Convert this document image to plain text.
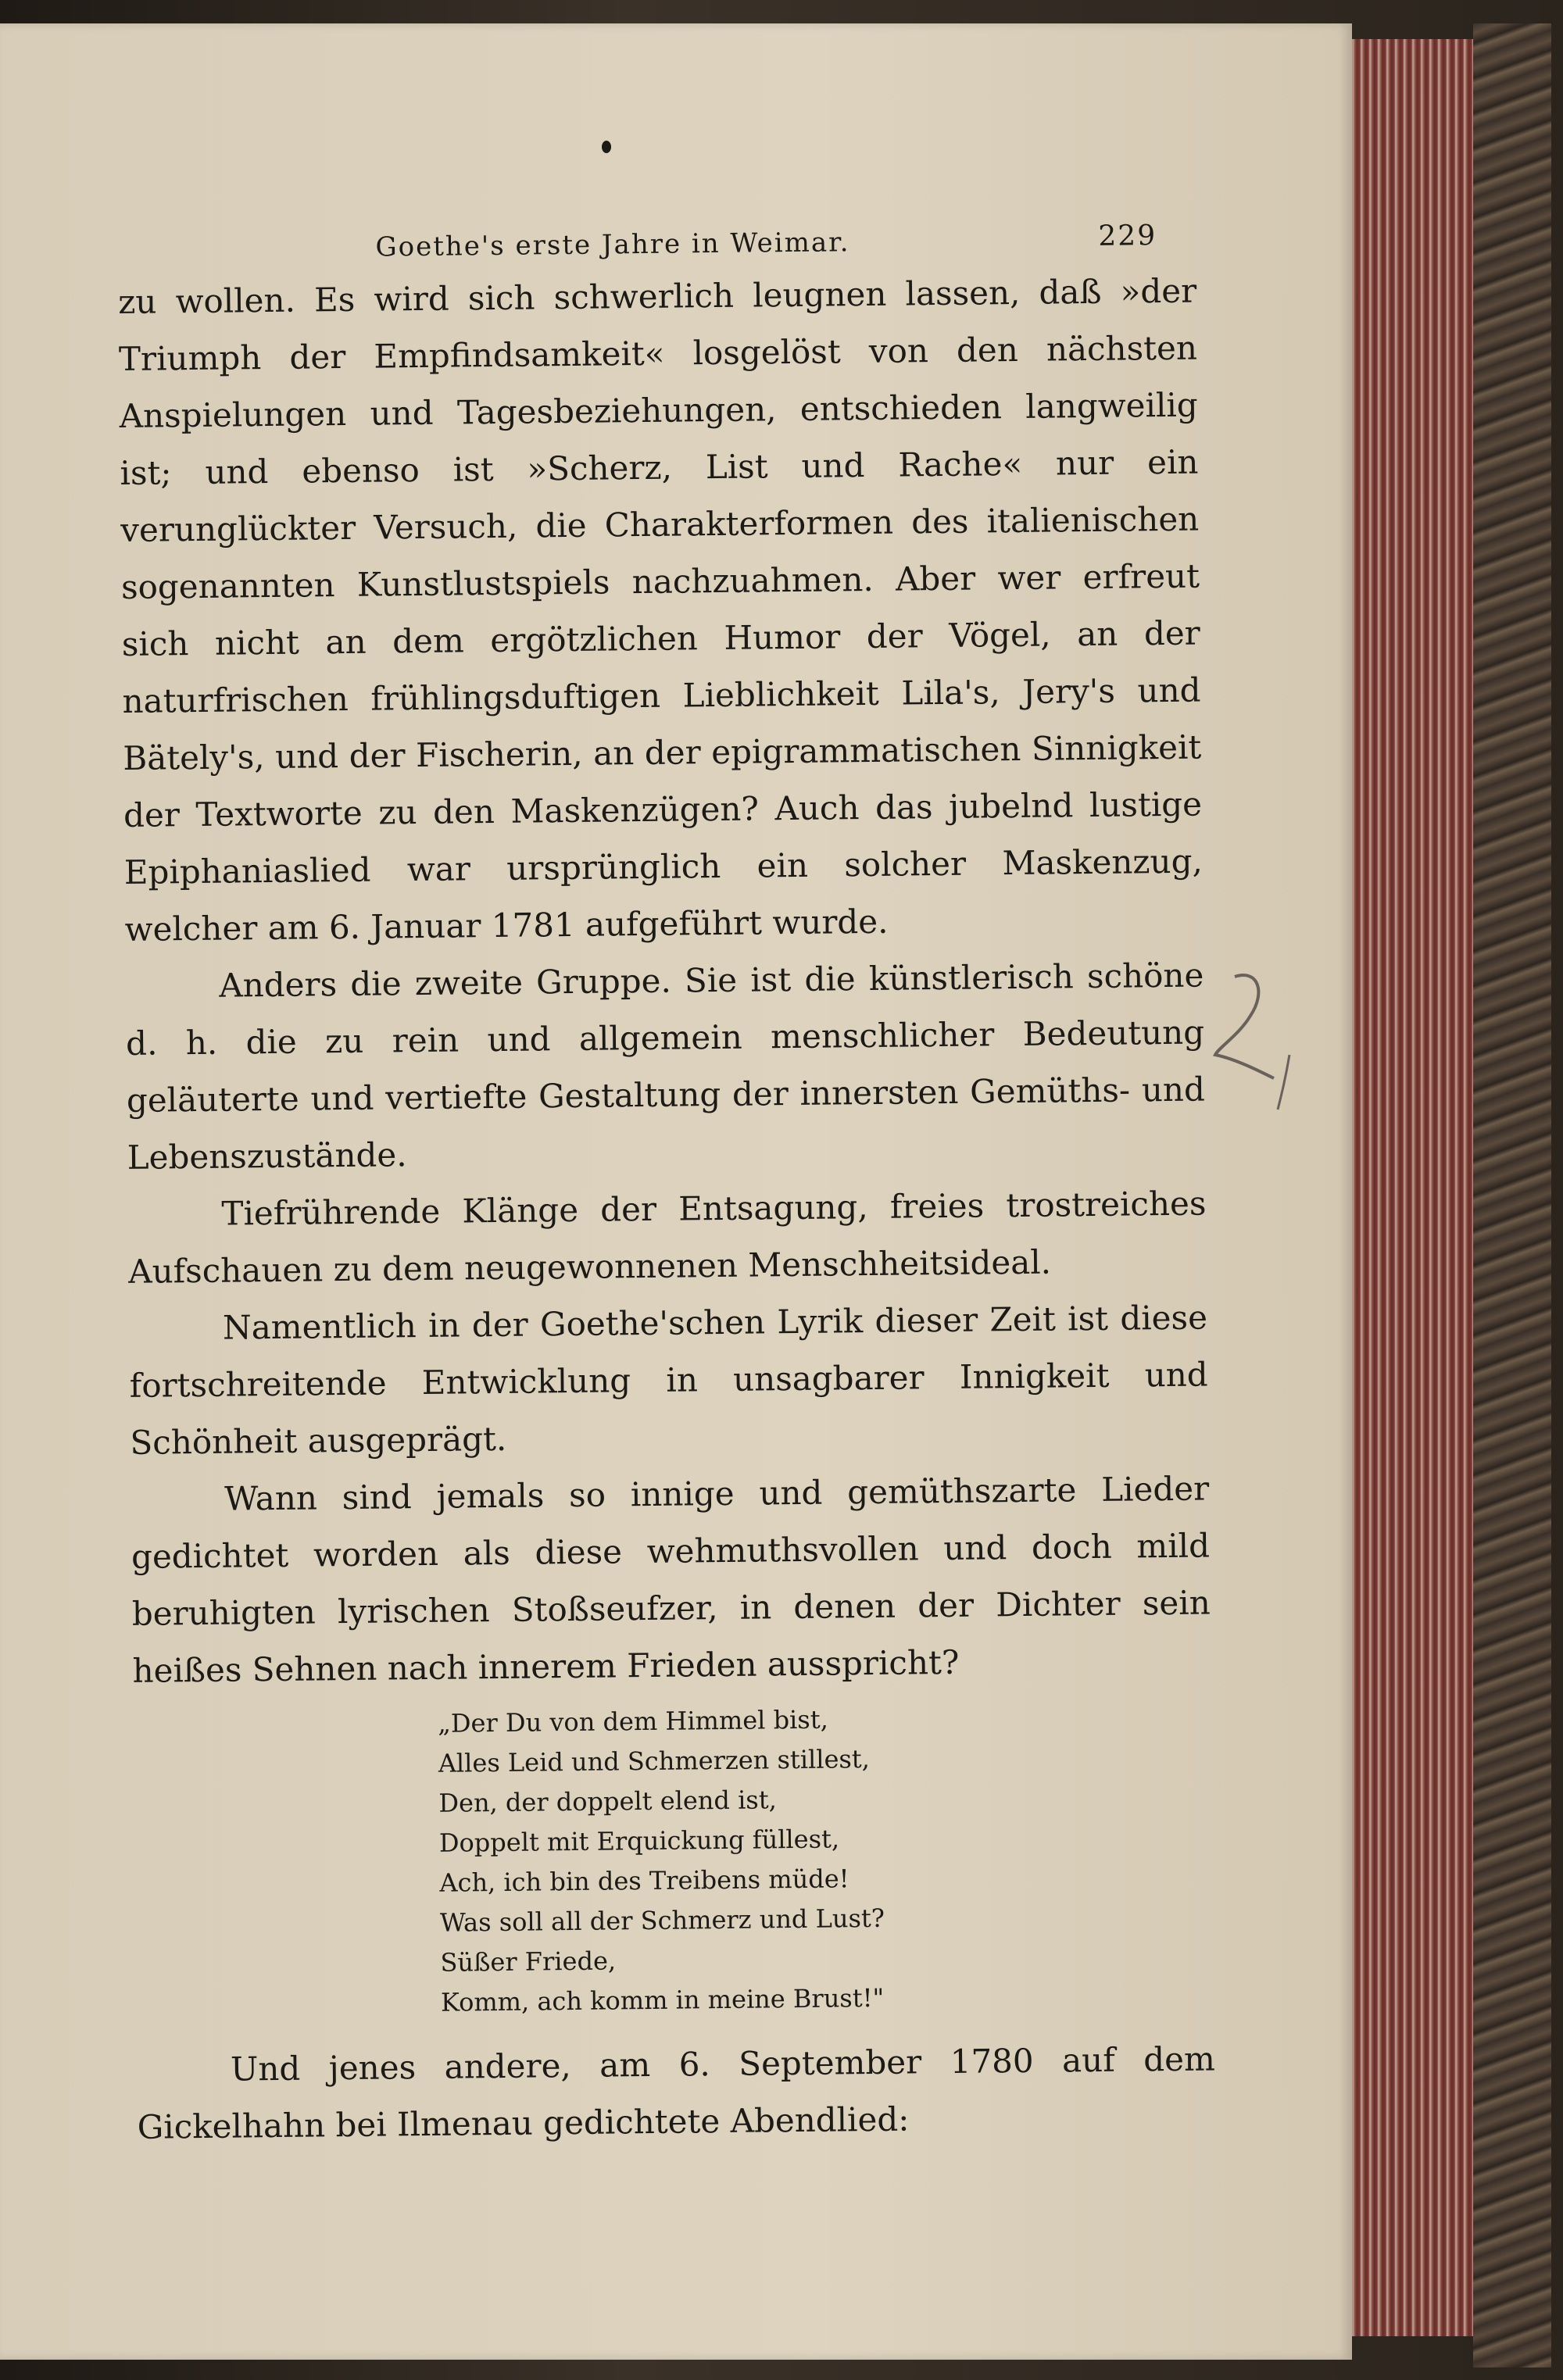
Goethe's erste Jahre in Weimar.	229

zu wollen. Es wird sich schwerlich leugnen lassen, daß »der Triumph der Empfindsamkeit« losgelöst von den nächsten Anspielungen und Tagesbeziehungen, entschieden langweilig ist; und ebenso ist »Scherz, List und Rache« nur ein verunglückter Versuch, die Charakterformen des italienischen sogenannten Kunstlustspiels nachzuahmen. Aber wer erfreut sich nicht an dem ergötzlichen Humor der Vögel, an der naturfrischen frühlingsduftigen Lieblichkeit Lila's, Jery's und Bätely's, und der Fischerin, an der epigrammatischen Sinnigkeit der Textworte zu den Maskenzügen? Auch das jubelnd lustige Epiphaniaslied war ursprünglich ein solcher Maskenzug, welcher am 6. Januar 1781 aufgeführt wurde.

Anders die zweite Gruppe. Sie ist die künstlerisch schöne d. h. die zu rein und allgemein menschlicher Bedeutung geläuterte und vertiefte Gestaltung der innersten Gemüths- und Lebenszustände.

Tiefrührende Klänge der Entsagung, freies trostreiches Aufschauen zu dem neugewonnenen Menschheitsideal.

Namentlich in der Goethe'schen Lyrik dieser Zeit ist diese fortschreitende Entwicklung in unsagbarer Innigkeit und Schönheit ausgeprägt.

Wann sind jemals so innige und gemüthszarte Lieder gedichtet worden als diese wehmuthsvollen und doch mild beruhigten lyrischen Stoßseufzer, in denen der Dichter sein heißes Sehnen nach innerem Frieden ausspricht?

„Der Du von dem Himmel bist,
Alles Leid und Schmerzen stillest,
Den, der doppelt elend ist,
Doppelt mit Erquickung füllest,
Ach, ich bin des Treibens müde!
Was soll all der Schmerz und Lust?
Süßer Friede,
Komm, ach komm in meine Brust!"

Und jenes andere, am 6. September 1780 auf dem Gickelhahn bei Ilmenau gedichtete Abendlied:
